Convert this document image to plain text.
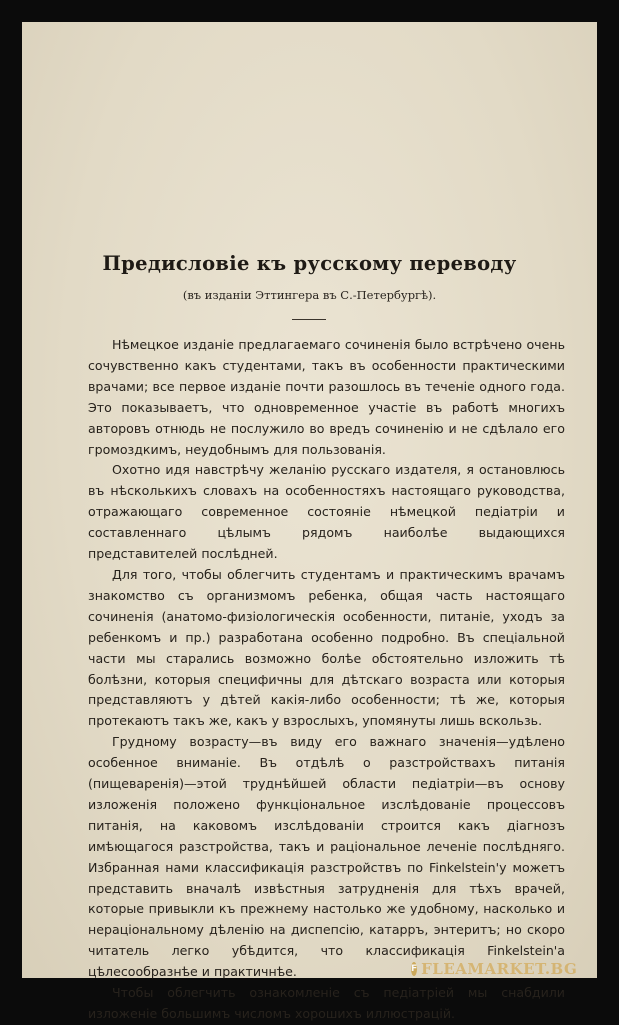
Предисловіе къ русскому переводу

(въ изданіи Эттингера въ С.-Петербургѣ).

Нѣмецкое изданіе предлагаемаго сочиненія было встрѣчено очень сочувственно какъ студентами, такъ въ особенности практическими врачами; все первое изданіе почти разошлось въ теченіе одного года. Это показываетъ, что одновременное участіе въ работѣ многихъ авторовъ отнюдь не послужило во вредъ сочиненію и не сдѣлало его громоздкимъ, неудобнымъ для пользованія.

Охотно идя навстрѣчу желанію русскаго издателя, я остановлюсь въ нѣсколькихъ словахъ на особенностяхъ настоящаго руководства, отражающаго современное состояніе нѣмецкой педіатріи и составленнаго цѣлымъ рядомъ наиболѣе выдающихся представителей послѣдней.

Для того, чтобы облегчить студентамъ и практическимъ врачамъ знакомство съ организмомъ ребенка, общая часть настоящаго сочиненія (анатомо-физіологическія особенности, питаніе, уходъ за ребенкомъ и пр.) разработана особенно подробно. Въ спеціальной части мы старались возможно болѣе обстоятельно изложить тѣ болѣзни, которыя специфичны для дѣтскаго возраста или которыя представляютъ у дѣтей какія-либо особенности; тѣ же, которыя протекаютъ такъ же, какъ у взрослыхъ, упомянуты лишь вскользь.

Грудному возрасту—въ виду его важнаго значенія—удѣлено особенное вниманіе. Въ отдѣлѣ о разстройствахъ питанія (пищеваренія)—этой труднѣйшей области педіатріи—въ основу изложенія положено функціональное изслѣдованіе процессовъ питанія, на каковомъ изслѣдованіи строится какъ діагнозъ имѣющагося разстройства, такъ и раціональное леченіе послѣдняго. Избранная нами классификація разстройствъ по Finkelstein'у можетъ представить вначалѣ извѣстныя затрудненія для тѣхъ врачей, которые привыкли къ прежнему настолько же удобному, насколько и нераціональному дѣленію на диспепсію, катарръ, энтеритъ; но скоро читатель легко убѣдится, что классификація Finkelstein'а цѣлесообразнѣе и практичнѣе.

Чтобы облегчить ознакомленіе съ педіатріей мы снабдили изложеніе большимъ числомъ хорошихъ иллюстрацій.

F FLEAMARKET.BG
